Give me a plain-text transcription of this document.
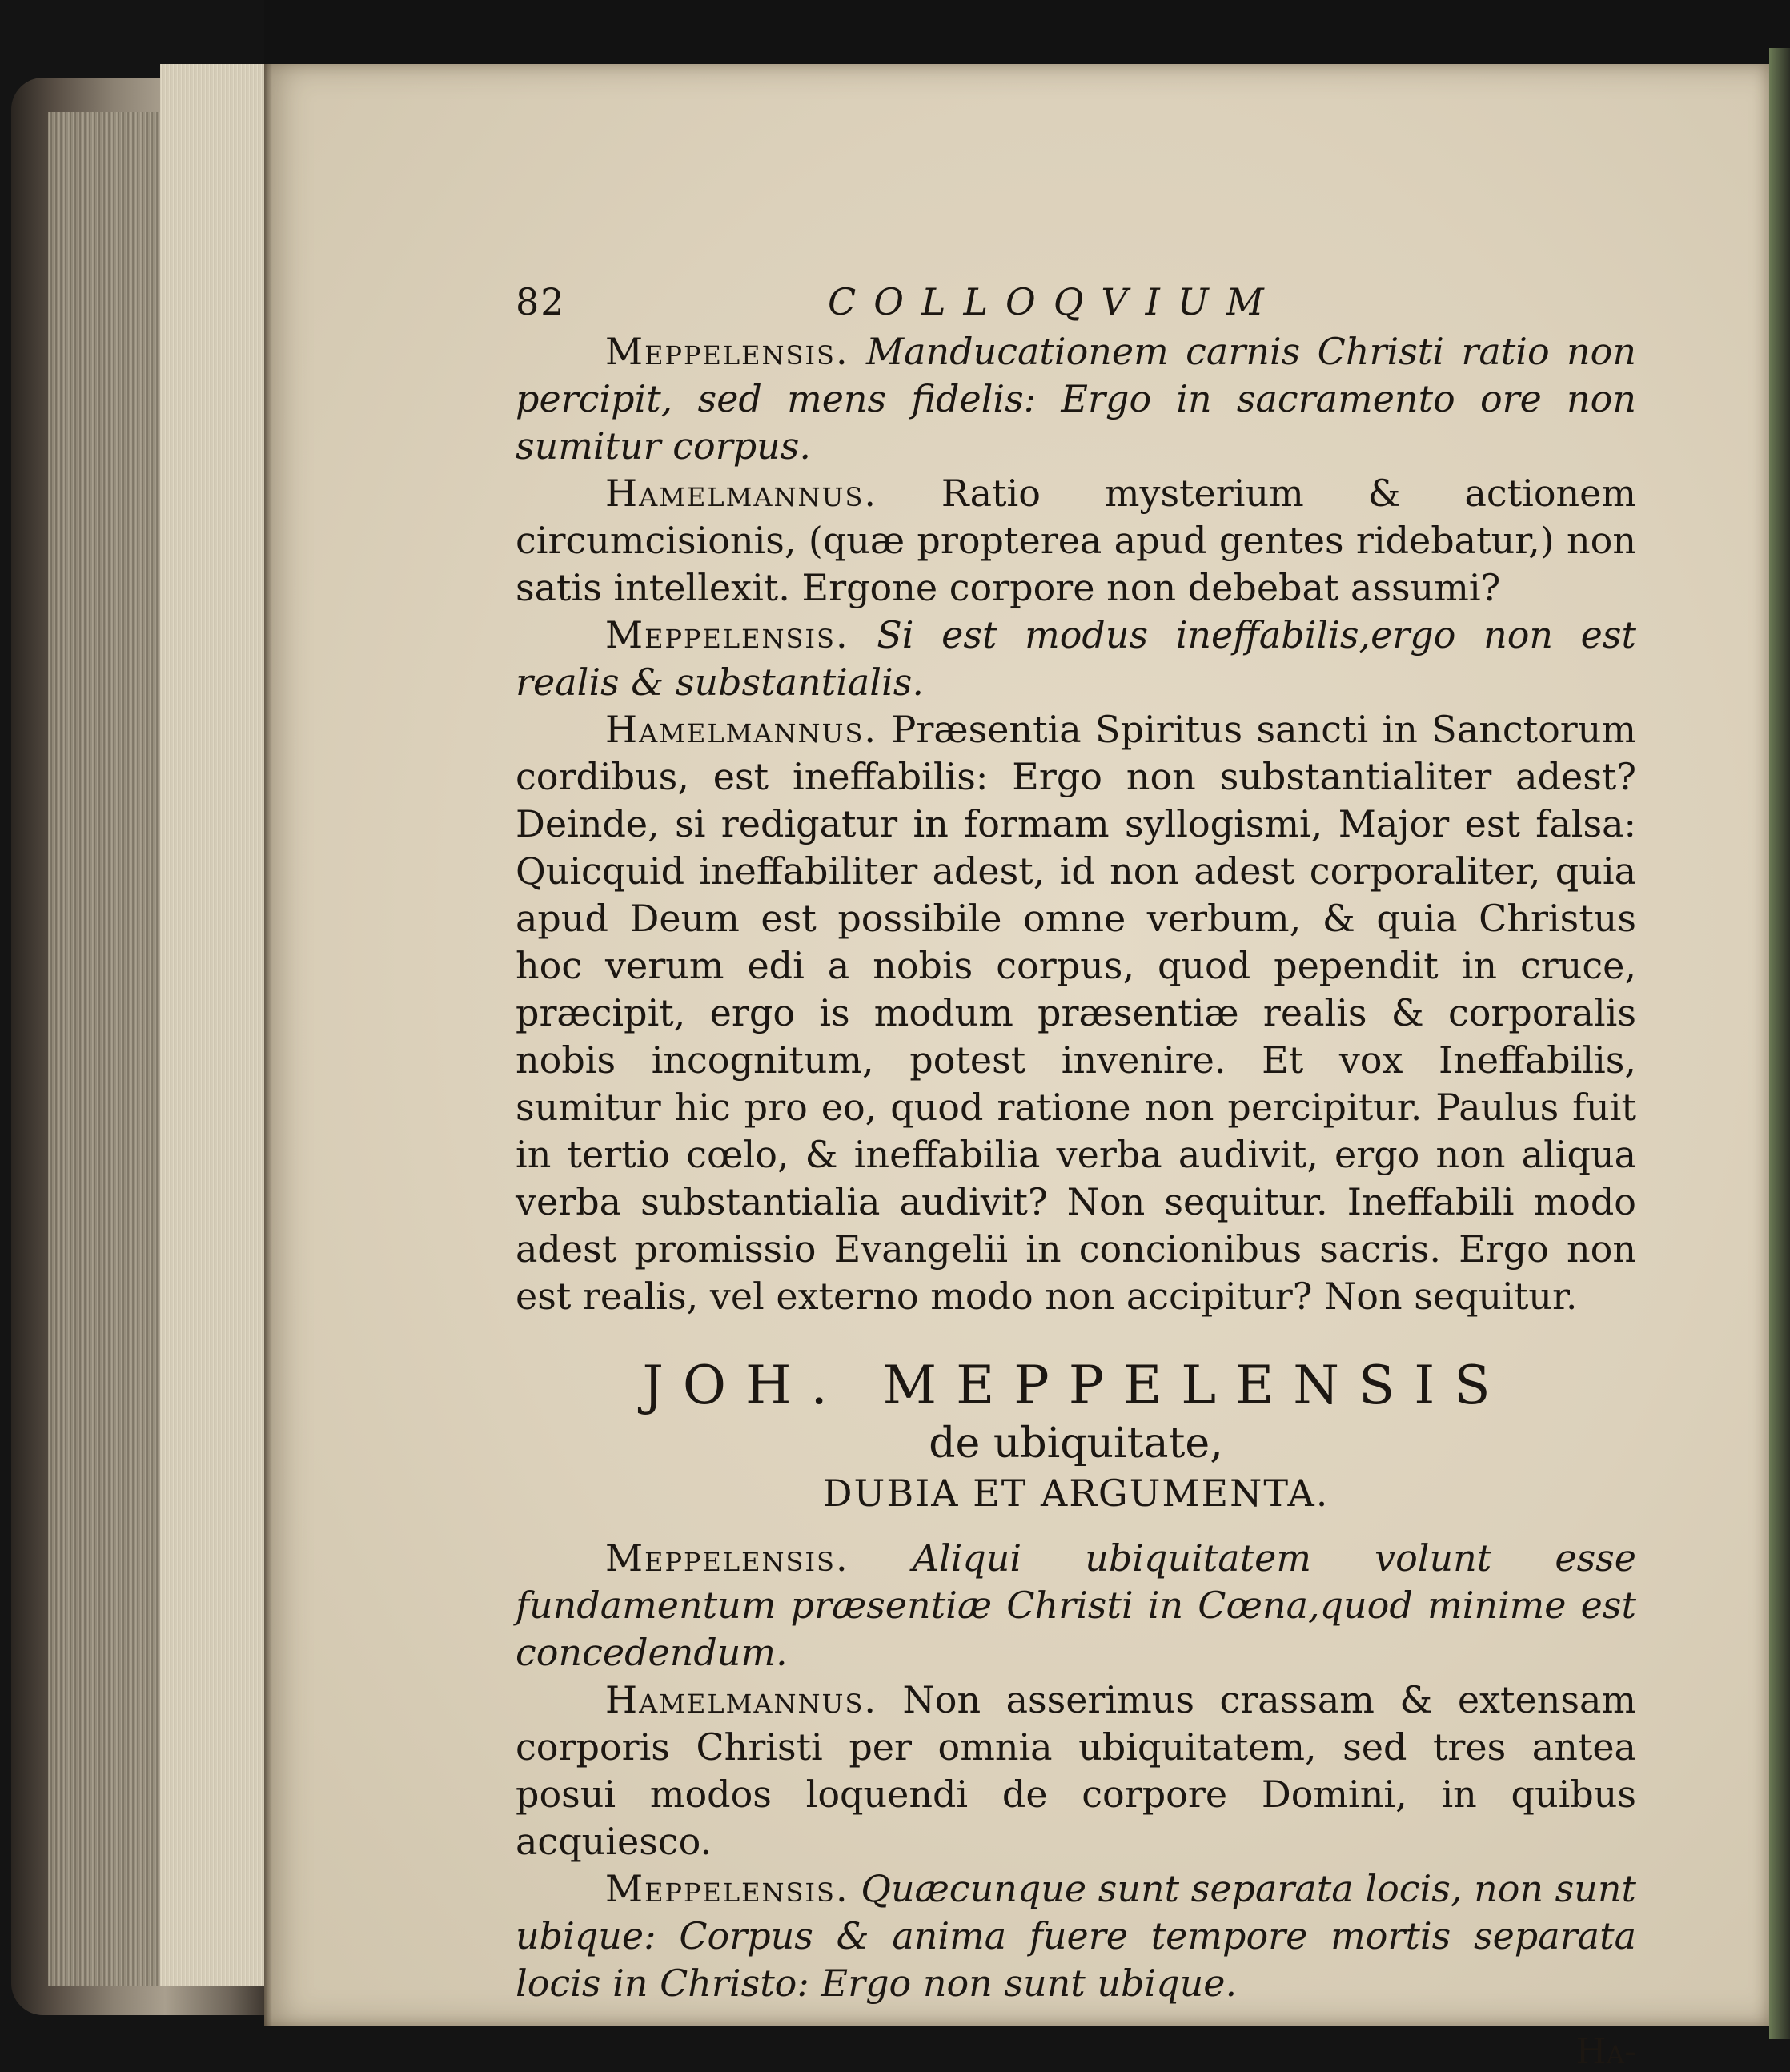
82	COLLOQVIUM

Meppelensis. Manducationem carnis Christi ratio non percipit, sed mens fidelis: Ergo in sacramento ore non sumitur corpus.

Hamelmannus. Ratio mysterium & actionem circumcisionis, (quæ propterea apud gentes ridebatur,) non satis intellexit. Ergone corpore non debebat assumi?

Meppelensis. Si est modus ineffabilis,ergo non est realis & substantialis.

Hamelmannus. Præsentia Spiritus sancti in Sanctorum cordibus, est ineffabilis: Ergo non substantialiter adest? Deinde, si redigatur in formam syllogismi, Major est falsa: Quicquid ineffabiliter adest, id non adest corporaliter, quia apud Deum est possibile omne verbum, & quia Christus hoc verum edi a nobis corpus, quod pependit in cruce, præcipit, ergo is modum præsentiæ realis & corporalis nobis incognitum, potest invenire. Et vox Ineffabilis, sumitur hic pro eo, quod ratione non percipitur. Paulus fuit in tertio cœlo, & ineffabilia verba audivit, ergo non aliqua verba substantialia audivit? Non sequitur. Ineffabili modo adest promissio Evangelii in concionibus sacris. Ergo non est realis, vel externo modo non accipitur? Non sequitur.

JOH. MEPPELENSIS
de ubiquitate,
DUBIA ET ARGUMENTA.

Meppelensis. Aliqui ubiquitatem volunt esse fundamentum præsentiæ Christi in Cœna,quod minime est concedendum.

Hamelmannus. Non asserimus crassam & extensam corporis Christi per omnia ubiquitatem, sed tres antea posui modos loquendi de corpore Domini, in quibus acquiesco.

Meppelensis. Quæcunque sunt separata locis, non sunt ubique: Corpus & anima fuere tempore mortis separata locis in Christo: Ergo non sunt ubique.

Ha-
